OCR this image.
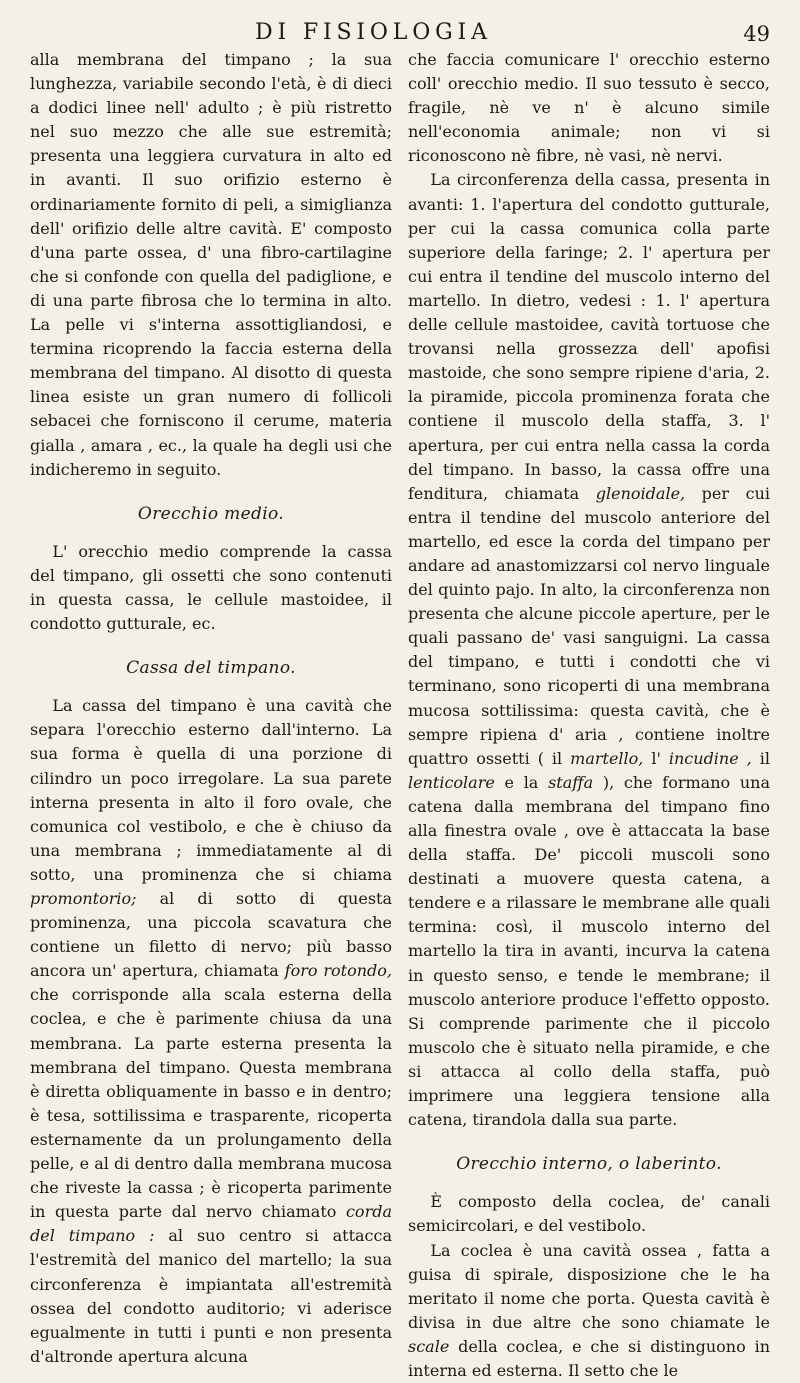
DI FISIOLOGIA	49

alla membrana del timpano ; la sua lunghezza, variabile secondo l'età, è di dieci a dodici linee nell' adulto ; è più ristretto nel suo mezzo che alle sue estremità; presenta una leggiera curvatura in alto ed in avanti. Il suo orifizio esterno è ordinariamente fornito di peli, a simiglianza dell' orifizio delle altre cavità. E' composto d'una parte ossea, d' una fibro-cartilagine che si confonde con quella del padiglione, e di una parte fibrosa che lo termina in alto. La pelle vi s'interna assottigliandosi, e termina ricoprendo la faccia esterna della membrana del timpano. Al disotto di questa linea esiste un gran numero di follicoli sebacei che forniscono il cerume, materia gialla , amara , ec., la quale ha degli usi che indicheremo in seguito.

Orecchio medio.

L' orecchio medio comprende la cassa del timpano, gli ossetti che sono contenuti in questa cassa, le cellule mastoidee, il condotto gutturale, ec.

Cassa del timpano.

La cassa del timpano è una cavità che separa l'orecchio esterno dall'interno. La sua forma è quella di una porzione di cilindro un poco irregolare. La sua parete interna presenta in alto il foro ovale, che comunica col vestibolo, e che è chiuso da una membrana ; immediatamente al di sotto, una prominenza che si chiama promontorio; al di sotto di questa prominenza, una piccola scavatura che contiene un filetto di nervo; più basso ancora un' apertura, chiamata foro rotondo, che corrisponde alla scala esterna della coclea, e che è parimente chiusa da una membrana. La parte esterna presenta la membrana del timpano. Questa membrana è diretta obliquamente in basso e in dentro; è tesa, sottilissima e trasparente, ricoperta esternamente da un prolungamento della pelle, e al di dentro dalla membrana mucosa che riveste la cassa ; è ricoperta parimente in questa parte dal nervo chiamato corda del timpano : al suo centro si attacca l'estremità del manico del martello; la sua circonferenza è impiantata all'estremità ossea del condotto auditorio; vi aderisce egualmente in tutti i punti e non presenta d'altronde apertura alcuna

che faccia comunicare l' orecchio esterno coll' orecchio medio. Il suo tessuto è secco, fragile, nè ve n' è alcuno simile nell'economia animale; non vi si riconoscono nè fibre, nè vasi, nè nervi.

La circonferenza della cassa, presenta in avanti: 1. l'apertura del condotto gutturale, per cui la cassa comunica colla parte superiore della faringe; 2. l' apertura per cui entra il tendine del muscolo interno del martello. In dietro, vedesi : 1. l' apertura delle cellule mastoidee, cavità tortuose che trovansi nella grossezza dell' apofisi mastoide, che sono sempre ripiene d'aria, 2. la piramide, piccola prominenza forata che contiene il muscolo della staffa, 3. l' apertura, per cui entra nella cassa la corda del timpano. In basso, la cassa offre una fenditura, chiamata glenoidale, per cui entra il tendine del muscolo anteriore del martello, ed esce la corda del timpano per andare ad anastomizzarsi col nervo linguale del quinto pajo. In alto, la circonferenza non presenta che alcune piccole aperture, per le quali passano de' vasi sanguigni. La cassa del timpano, e tutti i condotti che vi terminano, sono ricoperti di una membrana mucosa sottilissima: questa cavità, che è sempre ripiena d' aria , contiene inoltre quattro ossetti ( il martello, l' incudine , il lenticolare e la staffa ), che formano una catena dalla membrana del timpano fino alla finestra ovale , ove è attaccata la base della staffa. De' piccoli muscoli sono destinati a muovere questa catena, a tendere e a rilassare le membrane alle quali termina: così, il muscolo interno del martello la tira in avanti, incurva la catena in questo senso, e tende le membrane; il muscolo anteriore produce l'effetto opposto. Si comprende parimente che il piccolo muscolo che è situato nella piramide, e che si attacca al collo della staffa, può imprimere una leggiera tensione alla catena, tirandola dalla sua parte.

Orecchio interno, o laberinto.

È composto della coclea, de' canali semicircolari, e del vestibolo.

La coclea è una cavità ossea , fatta a guisa di spirale, disposizione che le ha meritato il nome che porta. Questa cavità è divisa in due altre che sono chiamate le scale della coclea, e che si distinguono in interna ed esterna. Il setto che le
